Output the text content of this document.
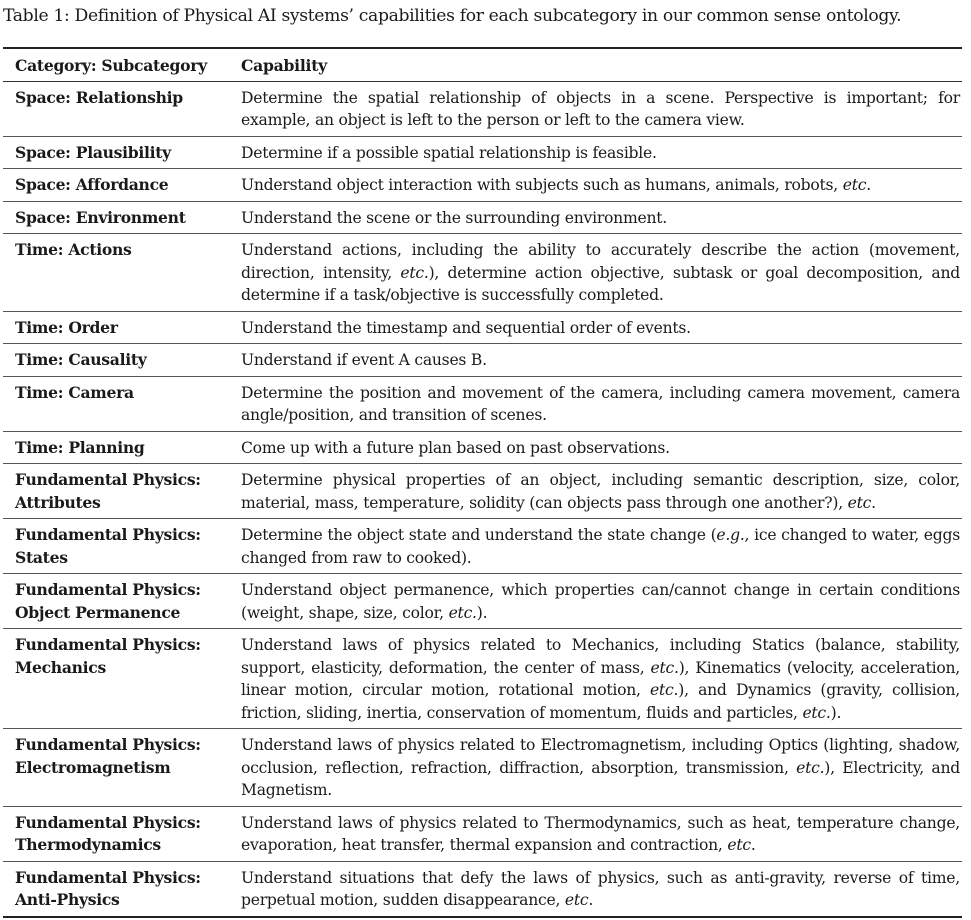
Table 1: Definition of Physical AI systems’ capabilities for each subcategory in our common sense ontology.
Category: Subcategory	Capability

Space: Relationship	Determine the spatial relationship of objects in a scene. Perspective is important; for example, an object is left to the person or left to the camera view.

Space: Plausibility	Determine if a possible spatial relationship is feasible.

Space: Affordance	Understand object interaction with subjects such as humans, animals, robots, etc.

Space: Environment	Understand the scene or the surrounding environment.

Time: Actions	Understand actions, including the ability to accurately describe the action (movement, direction, intensity, etc.), determine action objective, subtask or goal decomposition, and determine if a task/objective is successfully completed.

Time: Order	Understand the timestamp and sequential order of events.

Time: Causality	Understand if event A causes B.

Time: Camera	Determine the position and movement of the camera, including camera movement, camera angle/position, and transition of scenes.

Time: Planning	Come up with a future plan based on past observations.

Fundamental Physics:
Attributes	Determine physical properties of an object, including semantic description, size, color, material, mass, temperature, solidity (can objects pass through one another?), etc.

Fundamental Physics:
States	Determine the object state and understand the state change (e.g., ice changed to water, eggs changed from raw to cooked).

Fundamental Physics:
Object Permanence	Understand object permanence, which properties can/cannot change in certain conditions (weight, shape, size, color, etc.).

Fundamental Physics:
Mechanics	Understand laws of physics related to Mechanics, including Statics (balance, stability, support, elasticity, deformation, the center of mass, etc.), Kinematics (velocity, acceleration, linear motion, circular motion, rotational motion, etc.), and Dynamics (gravity, collision, friction, sliding, inertia, conservation of momentum, fluids and particles, etc.).

Fundamental Physics:
Electromagnetism	Understand laws of physics related to Electromagnetism, including Optics (lighting, shadow, occlusion, reflection, refraction, diffraction, absorption, transmission, etc.), Electricity, and Magnetism.

Fundamental Physics:
Thermodynamics	Understand laws of physics related to Thermodynamics, such as heat, temperature change, evaporation, heat transfer, thermal expansion and contraction, etc.

Fundamental Physics:
Anti-Physics	Understand situations that defy the laws of physics, such as anti-gravity, reverse of time, perpetual motion, sudden disappearance, etc.
